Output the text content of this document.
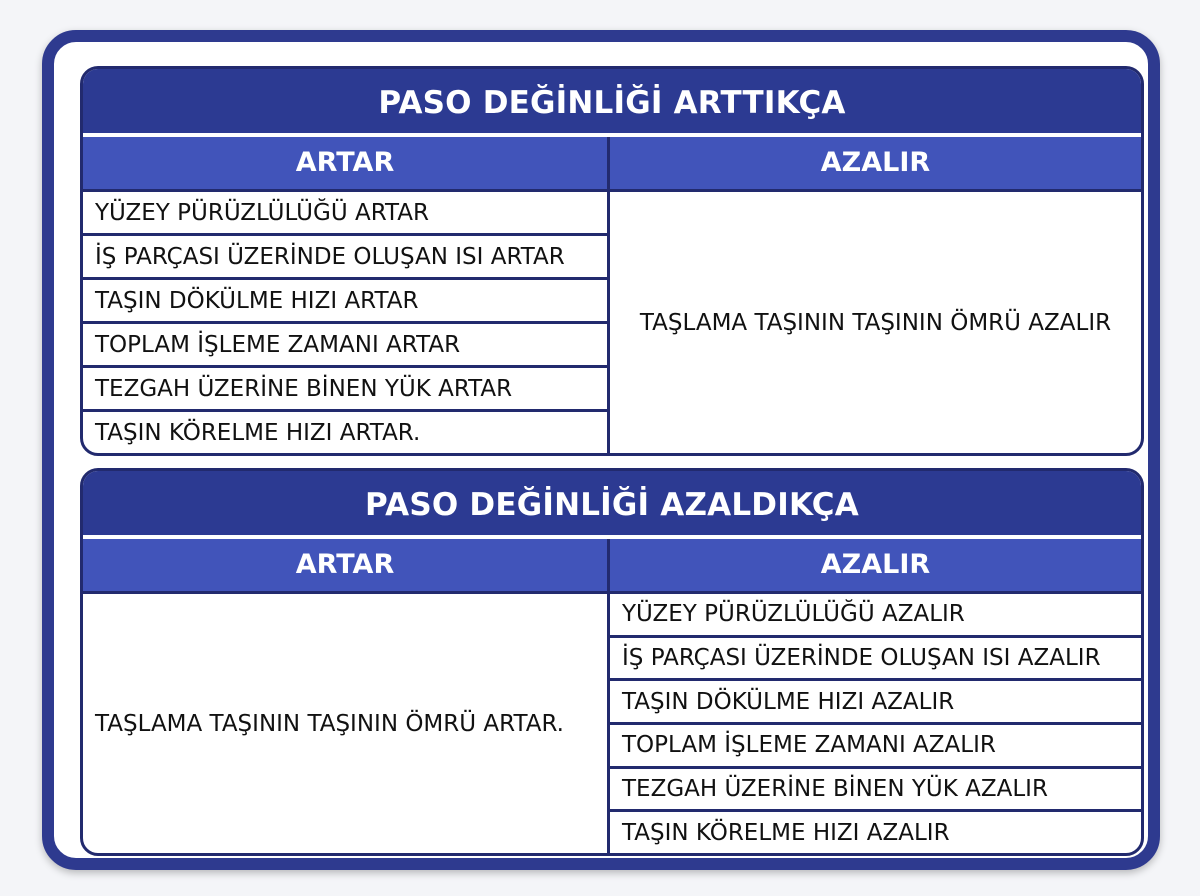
PASO DEĞİNLİĞİ ARTTIKÇA
ARTAR	AZALIR
YÜZEY PÜRÜZLÜLÜĞÜ ARTAR
İŞ PARÇASI ÜZERİNDE OLUŞAN ISI ARTAR
TAŞIN DÖKÜLME HIZI ARTAR
TOPLAM İŞLEME ZAMANI ARTAR
TEZGAH ÜZERİNE BİNEN YÜK ARTAR
TAŞIN KÖRELME HIZI ARTAR.
TAŞLAMA TAŞININ TAŞININ ÖMRÜ AZALIR
PASO DEĞİNLİĞİ AZALDIKÇA
ARTAR	AZALIR
TAŞLAMA TAŞININ TAŞININ ÖMRÜ ARTAR.
YÜZEY PÜRÜZLÜLÜĞÜ AZALIR
İŞ PARÇASI ÜZERİNDE OLUŞAN ISI AZALIR
TAŞIN DÖKÜLME HIZI AZALIR
TOPLAM İŞLEME ZAMANI AZALIR
TEZGAH ÜZERİNE BİNEN YÜK AZALIR
TAŞIN KÖRELME HIZI AZALIR
